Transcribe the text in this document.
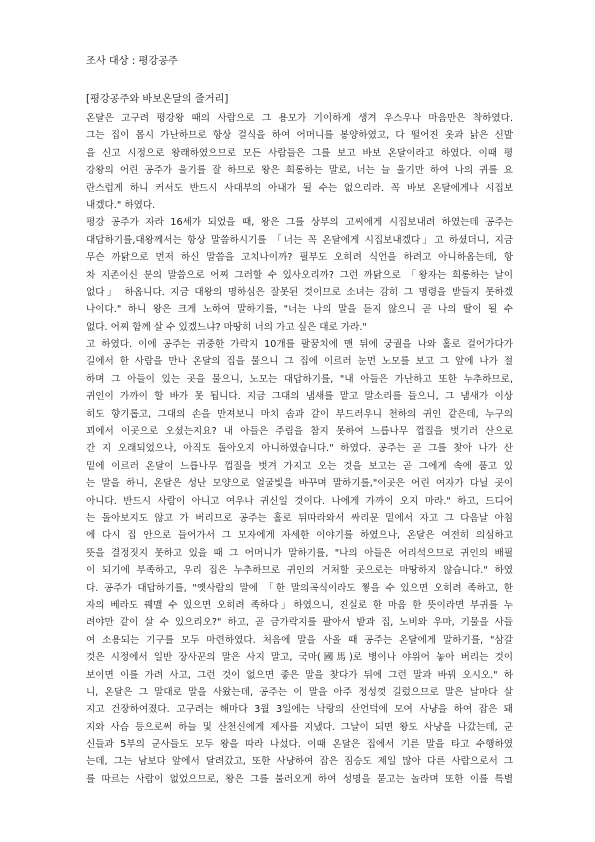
조사 대상 : 평강공주
[평강공주와 바보온달의 줄거리]
온달은 고구려 평강왕 때의 사람으로 그 용모가 기이하게 생겨 우스우나 마음만은 착하였다.
그는 집이 몹시 가난하므로 항상 걸식을 하여 어머니를 봉양하였고, 다 떨어진 옷과 낡은 신발
을 신고 시정으로 왕래하였으므로 모든 사람들은 그를 보고 바보 온달이라고 하였다. 이때 평
강왕의 어린 공주가 울기를 잘 하므로 왕은 희롱하는 말로, 너는 늘 울기만 하여 나의 귀를 요
란스럽게 하니 커서도 반드시 사대부의 아내가 될 수는 없으리라. 꼭 바보 온달에게나 시집보
내겠다." 하였다.
평강 공주가 자라 16세가 되었을 때, 왕은 그를 상부의 고씨에게 시집보내려 하였는데 공주는
대답하기를,대왕께서는 항상 말씀하시기를 「너는 꼭 온달에게 시집보내겠다」고 하셨더니, 지금
무슨 까닭으로 먼저 하신 말씀을 고치나이까? 필부도 오히려 식언을 하려고 아니하옵는데, 항
차 지존이신 분의 말씀으로 어찌 그러할 수 있사오리까? 그런 까닭으로 「왕자는 희롱하는 날이
없다」 하옵니다. 지금 대왕의 명하심은 잘못된 것이므로 소녀는 감히 그 명령을 받들지 못하겠
나이다." 하니 왕은 크게 노하여 말하기를, "너는 나의 말을 듣지 않으니 곧 나의 딸이 될 수
없다. 어찌 함께 살 수 있겠느냐? 마땅히 너의 가고 싶은 대로 가라."
고 하였다. 이에 공주는 귀중한 가락지 10개를 팔꿈치에 맨 뒤에 궁궐을 나와 홀로 걸어가다가
길에서 한 사람을 만나 온달의 집을 물으니 그 집에 이르러 눈먼 노모를 보고 그 앞에 나가 절
하며 그 아들이 있는 곳을 물으니, 노모는 대답하기를, "내 아들은 가난하고 또한 누추하므로,
귀인이 가까이 할 바가 못 됩니다. 지금 그대의 냄새를 맡고 말소리를 들으니, 그 냄새가 이상
히도 향기롭고, 그대의 손을 만져보니 마치 솜과 같이 부드러우니 천하의 귀인 같은데, 누구의
꾀에서 이곳으로 오셨는지요? 내 아들은 주림을 참지 못하여 느릅나무 껍질을 벗기러 산으로
간 지 오래되었으나, 아직도 돌아오지 아니하였습니다." 하였다. 공주는 곧 그를 찾아 나가 산
밑에 이르러 온달이 느릅나무 껍질을 벗겨 가지고 오는 것을 보고는 곧 그에게 속에 품고 있
는 말을 하니, 온달은 성난 모양으로 얼굴빛을 바꾸며 말하기를,"이곳은 어린 여자가 다닐 곳이
아니다. 반드시 사람이 아니고 여우나 귀신일 것이다. 나에게 가까이 오지 마라." 하고, 드디어
는 돌아보지도 않고 가 버리므로 공주는 홀로 뒤따라와서 싸리문 밑에서 자고 그 다음날 아침
에 다시 집 안으로 들어가서 그 모자에게 자세한 이야기를 하였으나, 온달은 여전히 의심하고
뜻을 결정짓지 못하고 있을 때 그 어머니가 말하기를, "나의 아들은 어리석으므로 귀인의 배필
이 되기에 부족하고, 우리 집은 누추하므로 귀인의 거처할 곳으로는 마땅하지 않습니다." 하였
다. 공주가 대답하기를, "옛사람의 말에 「한 말의곡식이라도 찧을 수 있으면 오히려 족하고, 한
자의 베라도 꿰맬 수 있으면 오히려 족하다」하였으니, 진실로 한 마음 한 뜻이라면 부귀를 누
려야만 같이 살 수 있으리오?" 하고, 곧 금가락지를 팔아서 밭과 집, 노비와 우마, 기물을 사들
여 소용되는 기구를 모두 마련하였다. 처음에 말을 사올 때 공주는 온달에게 말하기를, "삼갈
것은 시정에서 일반 장사꾼의 말은 사지 말고, 국마(國馬)로 병이나 야위어 놓아 버리는 것이
보이면 이를 가려 사고, 그런 것이 없으면 좋은 말을 찾다가 뒤에 그런 말과 바꿔 오시오." 하
니, 온달은 그 말대로 말을 사왔는데, 공주는 이 말을 아주 정성껏 길렀으므로 말은 날마다 살
지고 건장하여졌다. 고구려는 해마다 3월 3일에는 낙랑의 산언덕에 모여 사냥을 하여 잡은 돼
지와 사슴 등으로써 하늘 및 산천신에게 제사를 지냈다. 그날이 되면 왕도 사냥을 나갔는데, 군
신들과 5부의 군사들도 모두 왕을 따라 나섰다. 이때 온달은 집에서 기른 말을 타고 수행하였
는데, 그는 남보다 앞에서 달려갔고, 또한 사냥하여 잡은 짐승도 제일 많아 다른 사람으로서 그
를 따르는 사람이 없었으므로, 왕은 그를 불러오게 하여 성명을 묻고는 놀라며 또한 이를 특별
